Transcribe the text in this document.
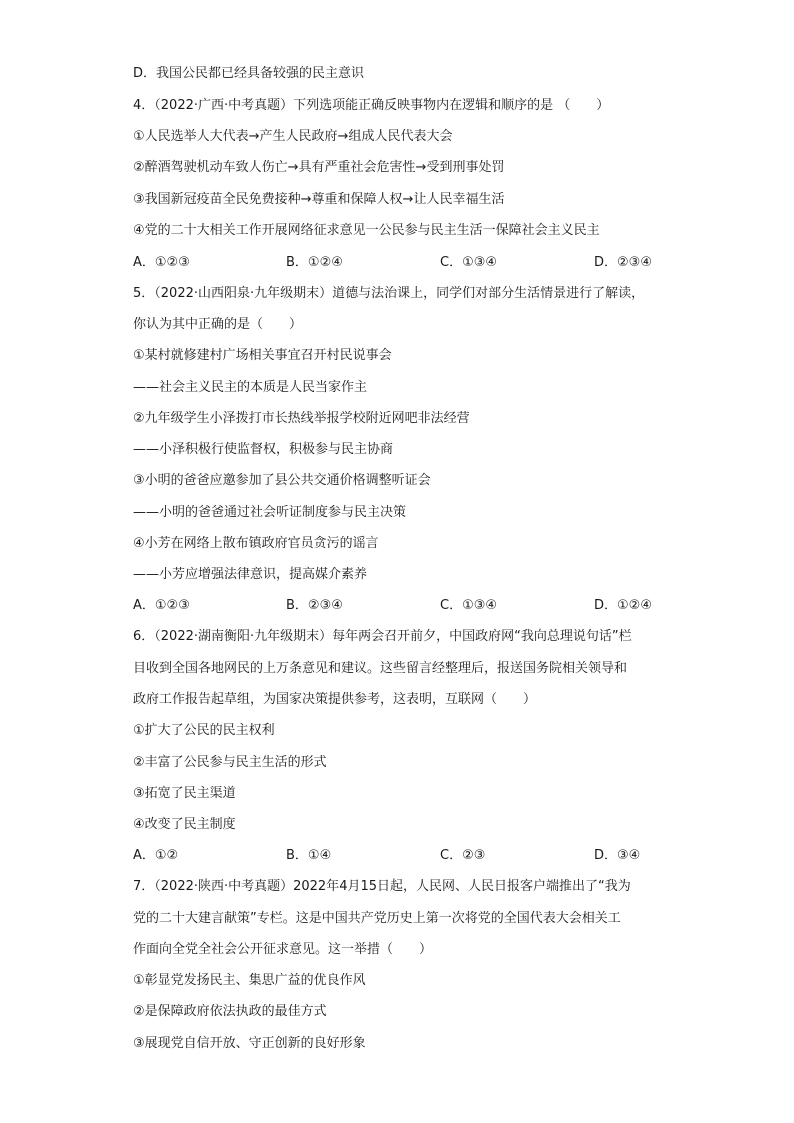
D．我国公民都已经具备较强的民主意识
4．（2022·广西·中考真题）下列选项能正确反映事物内在逻辑和顺序的是 （　　）
①人民选举人大代表→产生人民政府→组成人民代表大会
②醉酒驾驶机动车致人伤亡→具有严重社会危害性→受到刑事处罚
③我国新冠疫苗全民免费接种→尊重和保障人权→让人民幸福生活
④党的二十大相关工作开展网络征求意见一公民参与民主生活一保障社会主义民主
A．①②③	B．①②④	C．①③④	D．②③④
5．（2022·山西阳泉·九年级期末）道德与法治课上，同学们对部分生活情景进行了解读，
你认为其中正确的是（　　）
①某村就修建村广场相关事宜召开村民说事会
——社会主义民主的本质是人民当家作主
②九年级学生小泽拨打市长热线举报学校附近网吧非法经营
——小泽积极行使监督权，积极参与民主协商
③小明的爸爸应邀参加了县公共交通价格调整听证会
——小明的爸爸通过社会听证制度参与民主决策
④小芳在网络上散布镇政府官员贪污的谣言
——小芳应增强法律意识，提高媒介素养
A．①②③	B．②③④	C．①③④	D．①②④
6．（2022·湖南衡阳·九年级期末）每年两会召开前夕，中国政府网“我向总理说句话”栏
目收到全国各地网民的上万条意见和建议。这些留言经整理后，报送国务院相关领导和
政府工作报告起草组，为国家决策提供参考，这表明，互联网（　　）
①扩大了公民的民主权利
②丰富了公民参与民主生活的形式
③拓宽了民主渠道
④改变了民主制度
A．①②	B．①④	C．②③	D．③④
7．（2022·陕西·中考真题）2022年4月15日起，人民网、人民日报客户端推出了“我为
党的二十大建言献策”专栏。这是中国共产党历史上第一次将党的全国代表大会相关工
作面向全党全社会公开征求意见。这一举措（　　）
①彰显党发扬民主、集思广益的优良作风
②是保障政府依法执政的最佳方式
③展现党自信开放、守正创新的良好形象
